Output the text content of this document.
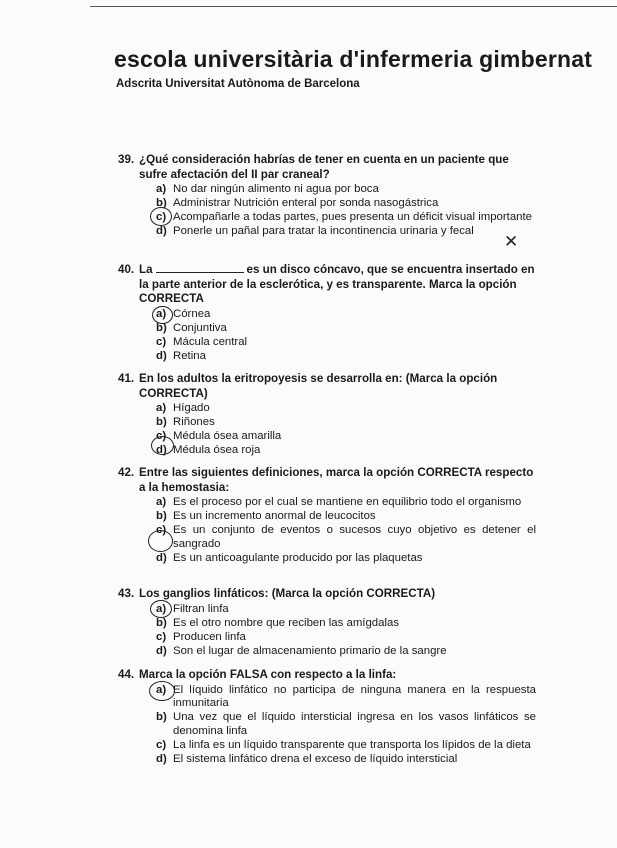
escola universitària d'infermeria gimbernat
Adscrita Universitat Autònoma de Barcelona

39. ¿Qué consideración habrías de tener en cuenta en un paciente que sufre afectación del II par craneal?

a) No dar ningún alimento ni agua por boca
b) Administrar Nutrición enteral por sonda nasogástrica
c) Acompañarle a todas partes, pues presenta un déficit visual importante
d) Ponerle un pañal para tratar la incontinencia urinaria y fecal
✕

40. La	es un disco cóncavo, que se encuentra insertado en la parte anterior de la esclerótica, y es transparente. Marca la opción CORRECTA

a) Córnea
b) Conjuntiva
c) Mácula central
d) Retina

41. En los adultos la eritropoyesis se desarrolla en: (Marca la opción CORRECTA)

a) Hígado
b) Riñones
c) Médula ósea amarilla
d) Médula ósea roja

42. Entre las siguientes definiciones, marca la opción CORRECTA respecto a la hemostasia:

a) Es el proceso por el cual se mantiene en equilibrio todo el organismo
b) Es un incremento anormal de leucocitos
c) Es un conjunto de eventos o sucesos cuyo objetivo es detener el sangrado
d) Es un anticoagulante producido por las plaquetas

43. Los ganglios linfáticos: (Marca la opción CORRECTA)

a) Filtran linfa
b) Es el otro nombre que reciben las amígdalas
c) Producen linfa
d) Son el lugar de almacenamiento primario de la sangre

44. Marca la opción FALSA con respecto a la linfa:

a) El líquido linfático no participa de ninguna manera en la respuesta inmunitaria
b) Una vez que el líquido intersticial ingresa en los vasos linfáticos se denomina linfa
c) La linfa es un líquido transparente que transporta los lípidos de la dieta
d) El sistema linfático drena el exceso de líquido intersticial
